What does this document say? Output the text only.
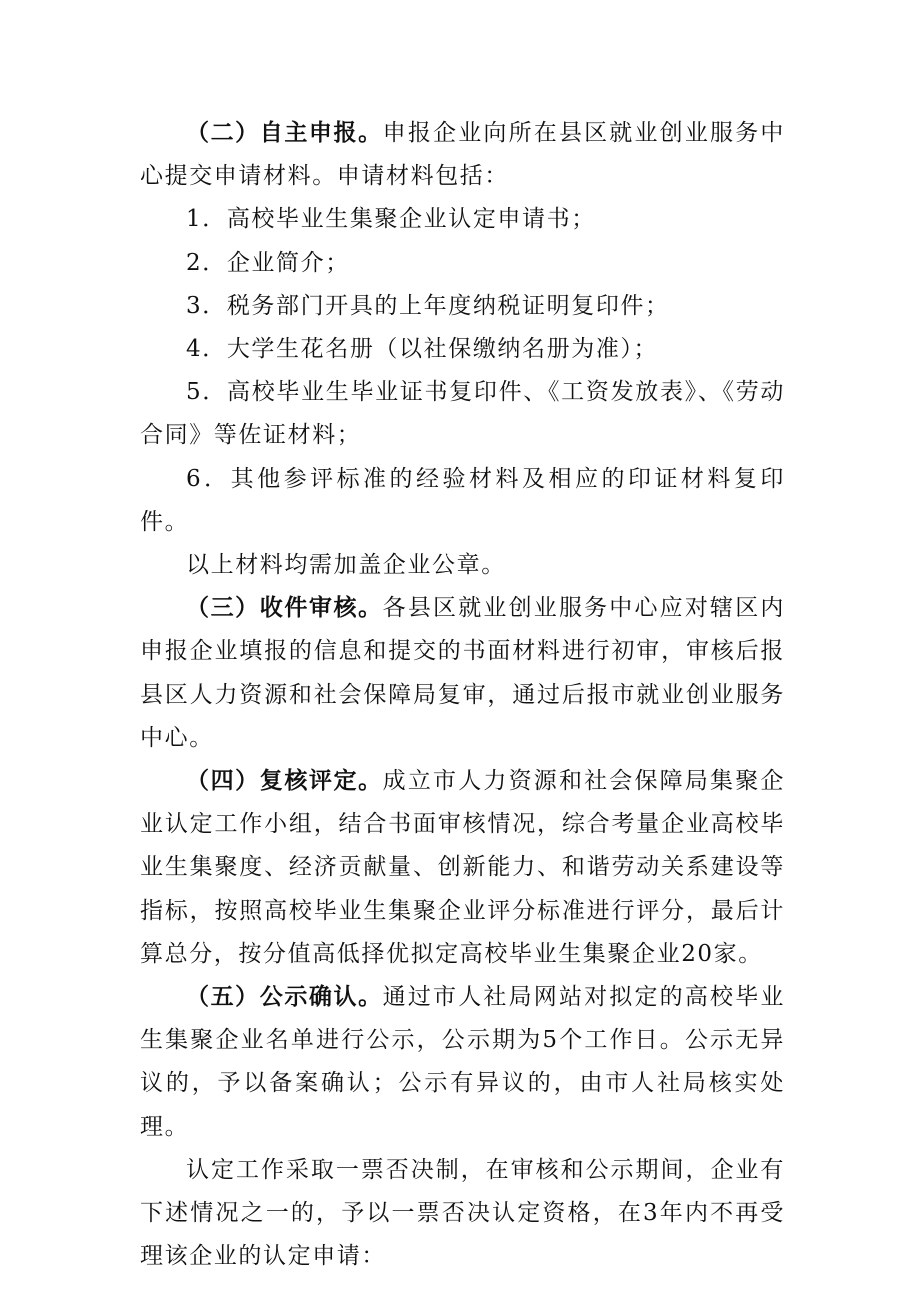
（二）自主申报。申报企业向所在县区就业创业服务中心提交申请材料。申请材料包括：

1．高校毕业生集聚企业认定申请书；

2．企业简介；

3．税务部门开具的上年度纳税证明复印件；

4．大学生花名册（以社保缴纳名册为准）；

5．高校毕业生毕业证书复印件、《工资发放表》、《劳动合同》等佐证材料；

6．其他参评标准的经验材料及相应的印证材料复印件。

以上材料均需加盖企业公章。

（三）收件审核。各县区就业创业服务中心应对辖区内申报企业填报的信息和提交的书面材料进行初审，审核后报县区人力资源和社会保障局复审，通过后报市就业创业服务中心。

（四）复核评定。成立市人力资源和社会保障局集聚企业认定工作小组，结合书面审核情况，综合考量企业高校毕业生集聚度、经济贡献量、创新能力、和谐劳动关系建设等指标，按照高校毕业生集聚企业评分标准进行评分，最后计算总分，按分值高低择优拟定高校毕业生集聚企业20家。

（五）公示确认。通过市人社局网站对拟定的高校毕业生集聚企业名单进行公示，公示期为5个工作日。公示无异议的，予以备案确认；公示有异议的，由市人社局核实处理。

认定工作采取一票否决制，在审核和公示期间，企业有下述情况之一的，予以一票否决认定资格，在3年内不再受理该企业的认定申请：
